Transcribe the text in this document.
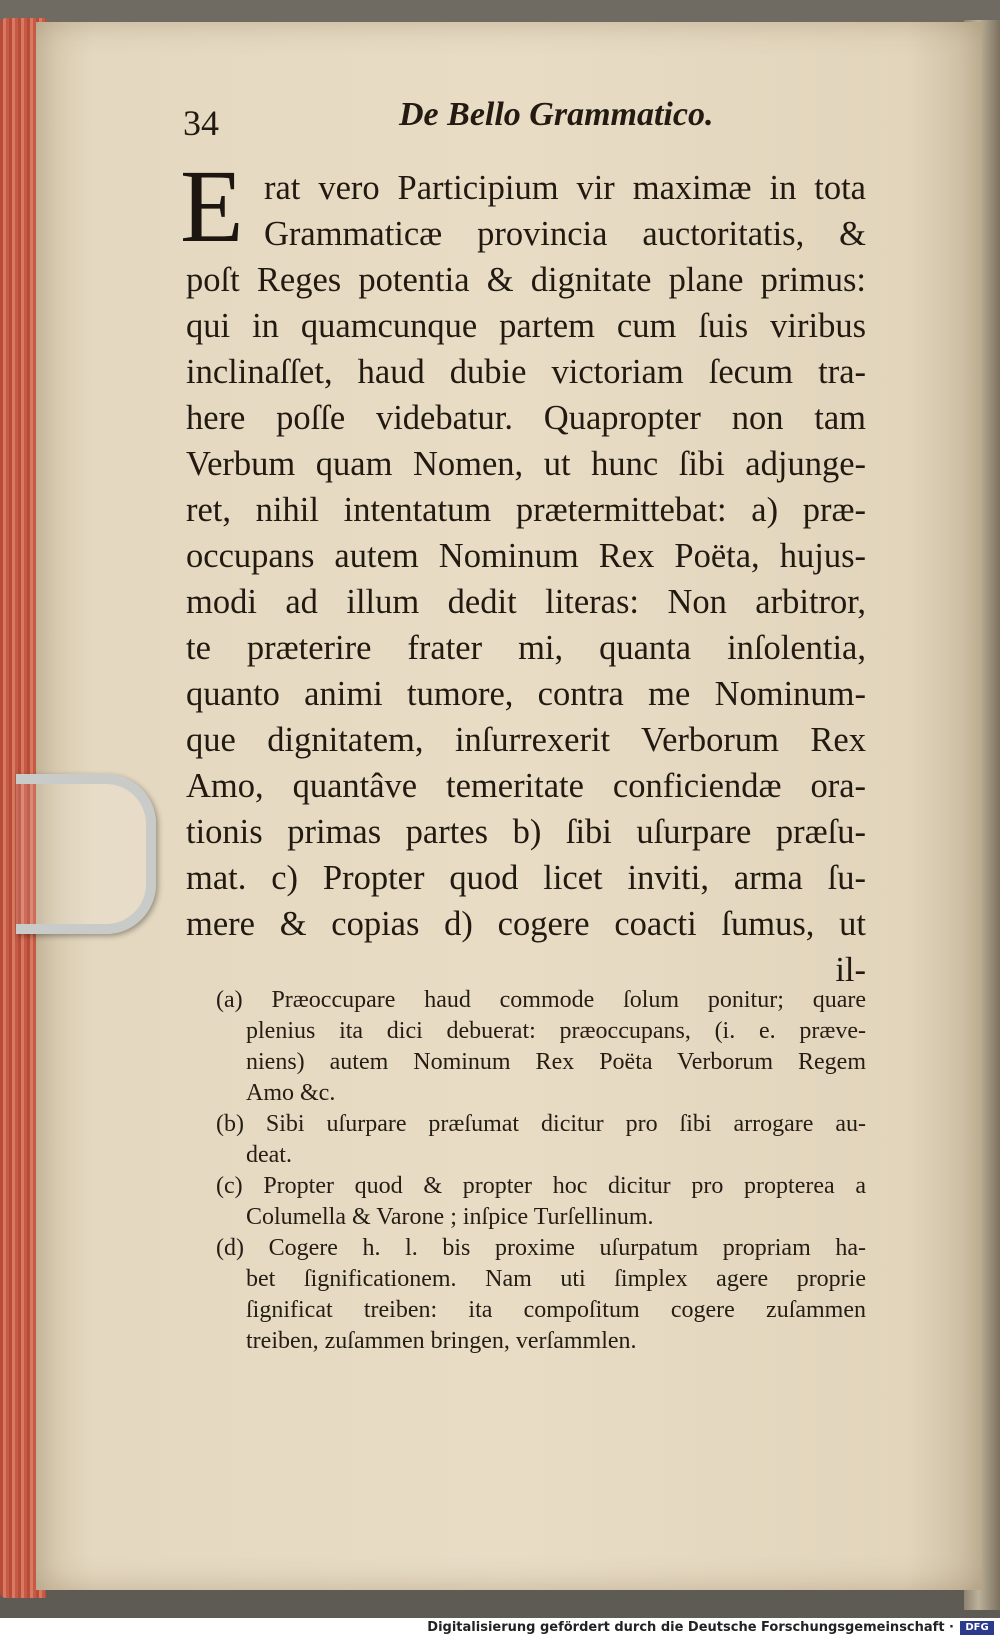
34	De Bello Grammatico.
E rat vero Participium vir maximæ in tota
Grammaticæ provincia auctoritatis, &
poſt Reges potentia & dignitate plane primus:
qui in quamcunque partem cum ſuis viribus
inclinaſſet, haud dubie victoriam ſecum tra-
here poſſe videbatur. Quapropter non tam
Verbum quam Nomen, ut hunc ſibi adjunge-
ret, nihil intentatum prætermittebat: a) præ-
occupans autem Nominum Rex Poëta, hujus-
modi ad illum dedit literas: Non arbitror,
te præterire frater mi, quanta inſolentia,
quanto animi tumore, contra me Nominum-
que dignitatem, inſurrexerit Verborum Rex
Amo, quantâve temeritate conficiendæ ora-
tionis primas partes b) ſibi uſurpare præſu-
mat. c) Propter quod licet inviti, arma ſu-
mere & copias d) cogere coacti ſumus, ut
il-
(a) Præoccupare haud commode ſolum ponitur; quare
plenius ita dici debuerat: præoccupans, (i. e. præve-
niens) autem Nominum Rex Poëta Verborum Regem
Amo &c.
(b) Sibi uſurpare præſumat dicitur pro ſibi arrogare au-
deat.
(c) Propter quod & propter hoc dicitur pro propterea a
Columella & Varone ; inſpice Turſellinum.
(d) Cogere h. l. bis proxime uſurpatum propriam ha-
bet ſignificationem. Nam uti ſimplex agere proprie
ſignificat treiben: ita compoſitum cogere zuſammen
treiben, zuſammen bringen, verſammlen.
Digitalisierung gefördert durch die Deutsche Forschungsgemeinschaft ·	DFG
